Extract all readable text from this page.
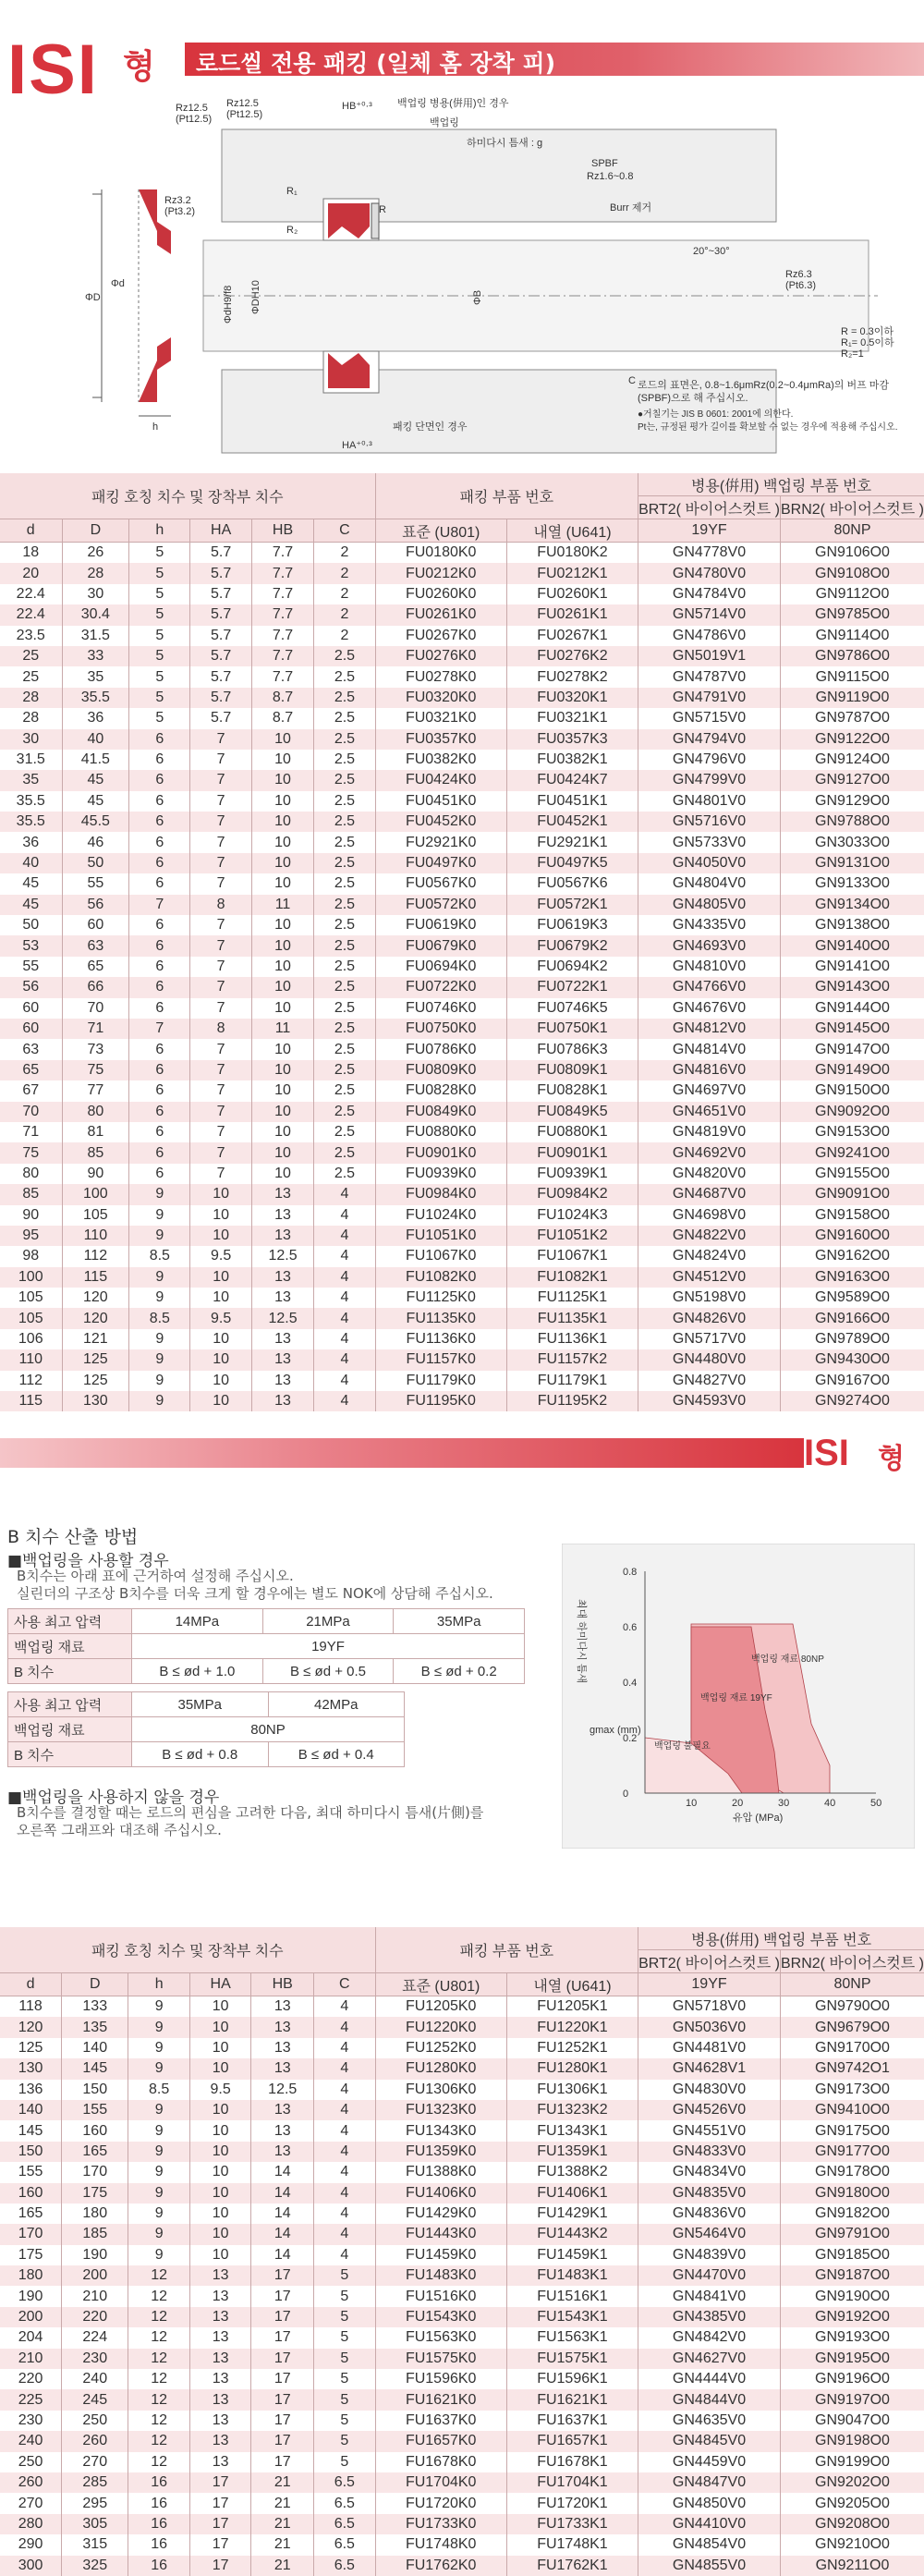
ISI 형 로드씰 전용 패킹 (일체 홈 장착 피)
ΦD
Φd
h
Rz12.5
(Pt12.5)
Rz12.5
(Pt12.5)
Rz3.2
(Pt3.2)
HB⁺⁰·³ 백업링 병용(倂用)인 경우
백업링
하미다시 틈새 : g
R₁
R
R₂
SPBF
Rz1.6~0.8
Burr 제거
20°~30°
Rz6.3
(Pt6.3)
ΦdH9/f8 ΦDH10	ΦB
C
HA⁺⁰·³
패킹 단면인 경우
R = 0.3이하
R₁= 0.5이하
R₂=1
로드의 표면은, 0.8~1.6μmRz(0.2~0.4μmRa)의 버프 마감(SPBF)으로 해 주십시오.
●거칠기는 JIS B 0601: 2001에 의한다.
Pt는, 규정된 평가 길이를 확보할 수 없는 경우에 적용해 주십시오.
패킹 호칭 치수 및 장착부 치수						패킹 부품 번호		병용(倂用) 백업링 부품 번호	
								BRT2( 바이어스컷트 )	BRN2( 바이어스컷트 )
d	D	h	HA	HB	C	표준 (U801)	내열 (U641)	19YF	80NP
18	26	5	5.7	7.7	2	FU0180K0	FU0180K2	GN4778V0	GN9106O0
20	28	5	5.7	7.7	2	FU0212K0	FU0212K1	GN4780V0	GN9108O0
22.4	30	5	5.7	7.7	2	FU0260K0	FU0260K1	GN4784V0	GN9112O0
22.4	30.4	5	5.7	7.7	2	FU0261K0	FU0261K1	GN5714V0	GN9785O0
23.5	31.5	5	5.7	7.7	2	FU0267K0	FU0267K1	GN4786V0	GN9114O0
25	33	5	5.7	7.7	2.5	FU0276K0	FU0276K2	GN5019V1	GN9786O0
25	35	5	5.7	7.7	2.5	FU0278K0	FU0278K2	GN4787V0	GN9115O0
28	35.5	5	5.7	8.7	2.5	FU0320K0	FU0320K1	GN4791V0	GN9119O0
28	36	5	5.7	8.7	2.5	FU0321K0	FU0321K1	GN5715V0	GN9787O0
30	40	6	7	10	2.5	FU0357K0	FU0357K3	GN4794V0	GN9122O0
31.5	41.5	6	7	10	2.5	FU0382K0	FU0382K1	GN4796V0	GN9124O0
35	45	6	7	10	2.5	FU0424K0	FU0424K7	GN4799V0	GN9127O0
35.5	45	6	7	10	2.5	FU0451K0	FU0451K1	GN4801V0	GN9129O0
35.5	45.5	6	7	10	2.5	FU0452K0	FU0452K1	GN5716V0	GN9788O0
36	46	6	7	10	2.5	FU2921K0	FU2921K1	GN5733V0	GN3033O0
40	50	6	7	10	2.5	FU0497K0	FU0497K5	GN4050V0	GN9131O0
45	55	6	7	10	2.5	FU0567K0	FU0567K6	GN4804V0	GN9133O0
45	56	7	8	11	2.5	FU0572K0	FU0572K1	GN4805V0	GN9134O0
50	60	6	7	10	2.5	FU0619K0	FU0619K3	GN4335V0	GN9138O0
53	63	6	7	10	2.5	FU0679K0	FU0679K2	GN4693V0	GN9140O0
55	65	6	7	10	2.5	FU0694K0	FU0694K2	GN4810V0	GN9141O0
56	66	6	7	10	2.5	FU0722K0	FU0722K1	GN4766V0	GN9143O0
60	70	6	7	10	2.5	FU0746K0	FU0746K5	GN4676V0	GN9144O0
60	71	7	8	11	2.5	FU0750K0	FU0750K1	GN4812V0	GN9145O0
63	73	6	7	10	2.5	FU0786K0	FU0786K3	GN4814V0	GN9147O0
65	75	6	7	10	2.5	FU0809K0	FU0809K1	GN4816V0	GN9149O0
67	77	6	7	10	2.5	FU0828K0	FU0828K1	GN4697V0	GN9150O0
70	80	6	7	10	2.5	FU0849K0	FU0849K5	GN4651V0	GN9092O0
71	81	6	7	10	2.5	FU0880K0	FU0880K1	GN4819V0	GN9153O0
75	85	6	7	10	2.5	FU0901K0	FU0901K1	GN4692V0	GN9241O0
80	90	6	7	10	2.5	FU0939K0	FU0939K1	GN4820V0	GN9155O0
85	100	9	10	13	4	FU0984K0	FU0984K2	GN4687V0	GN9091O0
90	105	9	10	13	4	FU1024K0	FU1024K3	GN4698V0	GN9158O0
95	110	9	10	13	4	FU1051K0	FU1051K2	GN4822V0	GN9160O0
98	112	8.5	9.5	12.5	4	FU1067K0	FU1067K1	GN4824V0	GN9162O0
100	115	9	10	13	4	FU1082K0	FU1082K1	GN4512V0	GN9163O0
105	120	9	10	13	4	FU1125K0	FU1125K1	GN5198V0	GN9589O0
105	120	8.5	9.5	12.5	4	FU1135K0	FU1135K1	GN4826V0	GN9166O0
106	121	9	10	13	4	FU1136K0	FU1136K1	GN5717V0	GN9789O0
110	125	9	10	13	4	FU1157K0	FU1157K2	GN4480V0	GN9430O0
112	125	9	10	13	4	FU1179K0	FU1179K1	GN4827V0	GN9167O0
115	130	9	10	13	4	FU1195K0	FU1195K2	GN4593V0	GN9274O0
ISI 형
B 치수 산출 방법
■백업링을 사용할 경우
B치수는 아래 표에 근거하여 설정해 주십시오.
실린더의 구조상 B치수를 더욱 크게 할 경우에는 별도 NOK에 상담해 주십시오.
사용 최고 압력	14MPa	21MPa	35MPa
백업링 재료	19YF		
B 치수	B ≤ ød + 1.0	B ≤ ød + 0.5	B ≤ ød + 0.2
사용 최고 압력	35MPa	42MPa
백업링 재료	80NP	
B 치수	B ≤ ød + 0.8	B ≤ ød + 0.4
■백업링을 사용하지 않을 경우
B치수를 결정할 때는 로드의 편심을 고려한 다음, 최대 하미다시 틈새(片側)를
오른쪽 그래프와 대조해 주십시오.
10	20	30	40	50
0
0.2
0.4
0.6
0.8
최대 하미다시 틈새
gmax (mm)
유압 (MPa)
백업링 재료 80NP
백업링 재료 19YF
백업링 불필요
패킹 호칭 치수 및 장착부 치수						패킹 부품 번호		병용(倂用) 백업링 부품 번호	
								BRT2( 바이어스컷트 )	BRN2( 바이어스컷트 )
d	D	h	HA	HB	C	표준 (U801)	내열 (U641)	19YF	80NP
118	133	9	10	13	4	FU1205K0	FU1205K1	GN5718V0	GN9790O0
120	135	9	10	13	4	FU1220K0	FU1220K1	GN5036V0	GN9679O0
125	140	9	10	13	4	FU1252K0	FU1252K1	GN4481V0	GN9170O0
130	145	9	10	13	4	FU1280K0	FU1280K1	GN4628V1	GN9742O1
136	150	8.5	9.5	12.5	4	FU1306K0	FU1306K1	GN4830V0	GN9173O0
140	155	9	10	13	4	FU1323K0	FU1323K2	GN4526V0	GN9410O0
145	160	9	10	13	4	FU1343K0	FU1343K1	GN4551V0	GN9175O0
150	165	9	10	13	4	FU1359K0	FU1359K1	GN4833V0	GN9177O0
155	170	9	10	14	4	FU1388K0	FU1388K2	GN4834V0	GN9178O0
160	175	9	10	14	4	FU1406K0	FU1406K1	GN4835V0	GN9180O0
165	180	9	10	14	4	FU1429K0	FU1429K1	GN4836V0	GN9182O0
170	185	9	10	14	4	FU1443K0	FU1443K2	GN5464V0	GN9791O0
175	190	9	10	14	4	FU1459K0	FU1459K1	GN4839V0	GN9185O0
180	200	12	13	17	5	FU1483K0	FU1483K1	GN4470V0	GN9187O0
190	210	12	13	17	5	FU1516K0	FU1516K1	GN4841V0	GN9190O0
200	220	12	13	17	5	FU1543K0	FU1543K1	GN4385V0	GN9192O0
204	224	12	13	17	5	FU1563K0	FU1563K1	GN4842V0	GN9193O0
210	230	12	13	17	5	FU1575K0	FU1575K1	GN4627V0	GN9195O0
220	240	12	13	17	5	FU1596K0	FU1596K1	GN4444V0	GN9196O0
225	245	12	13	17	5	FU1621K0	FU1621K1	GN4844V0	GN9197O0
230	250	12	13	17	5	FU1637K0	FU1637K1	GN4635V0	GN9047O0
240	260	12	13	17	5	FU1657K0	FU1657K1	GN4845V0	GN9198O0
250	270	12	13	17	5	FU1678K0	FU1678K1	GN4459V0	GN9199O0
260	285	16	17	21	6.5	FU1704K0	FU1704K1	GN4847V0	GN9202O0
270	295	16	17	21	6.5	FU1720K0	FU1720K1	GN4850V0	GN9205O0
280	305	16	17	21	6.5	FU1733K0	FU1733K1	GN4410V0	GN9208O0
290	315	16	17	21	6.5	FU1748K0	FU1748K1	GN4854V0	GN9210O0
300	325	16	17	21	6.5	FU1762K0	FU1762K1	GN4855V0	GN9211O0
